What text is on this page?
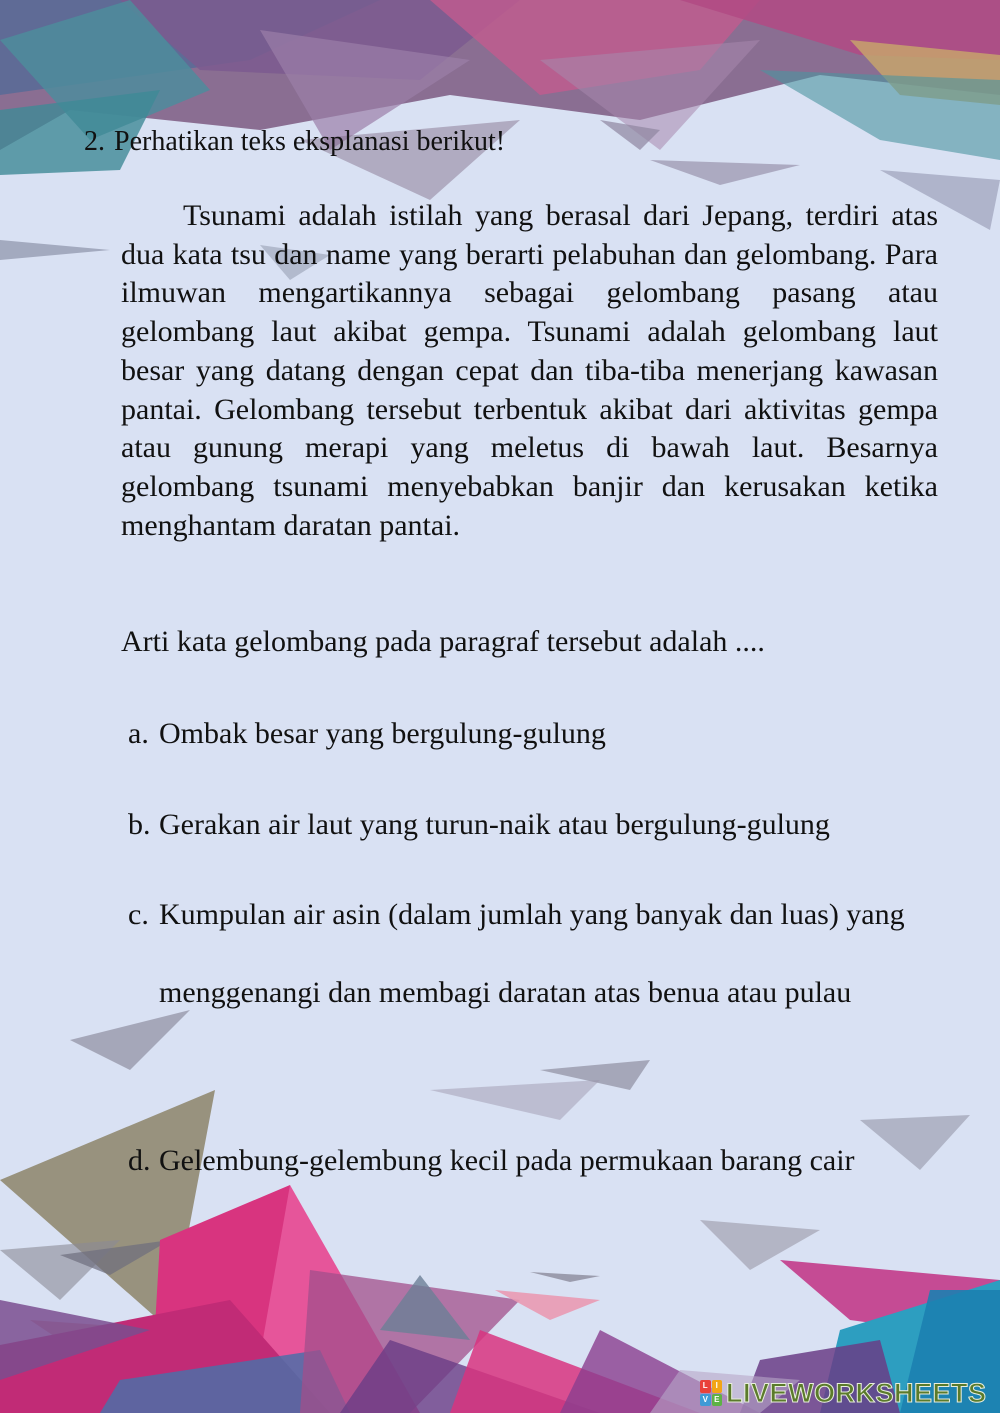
2. Perhatikan teks eksplanasi berikut!

Tsunami adalah istilah yang berasal dari Jepang, terdiri atas dua kata tsu dan name yang berarti pelabuhan dan gelombang. Para ilmuwan mengartikannya sebagai gelombang pasang atau gelombang laut akibat gempa. Tsunami adalah gelombang laut besar yang datang dengan cepat dan tiba-tiba menerjang kawasan pantai. Gelombang tersebut terbentuk akibat dari aktivitas gempa atau gunung merapi yang meletus di bawah laut. Besarnya gelombang tsunami menyebabkan banjir dan kerusakan ketika menghantam daratan pantai.

Arti kata gelombang pada paragraf tersebut adalah ....
a. Ombak besar yang bergulung-gulung
b. Gerakan air laut yang turun-naik atau bergulung-gulung
c. Kumpulan air asin (dalam jumlah yang banyak dan luas) yang menggenangi dan membagi daratan atas benua atau pulau
d. Gelembung-gelembung kecil pada permukaan barang cair
L I
V E LIVEWORKSHEETS
